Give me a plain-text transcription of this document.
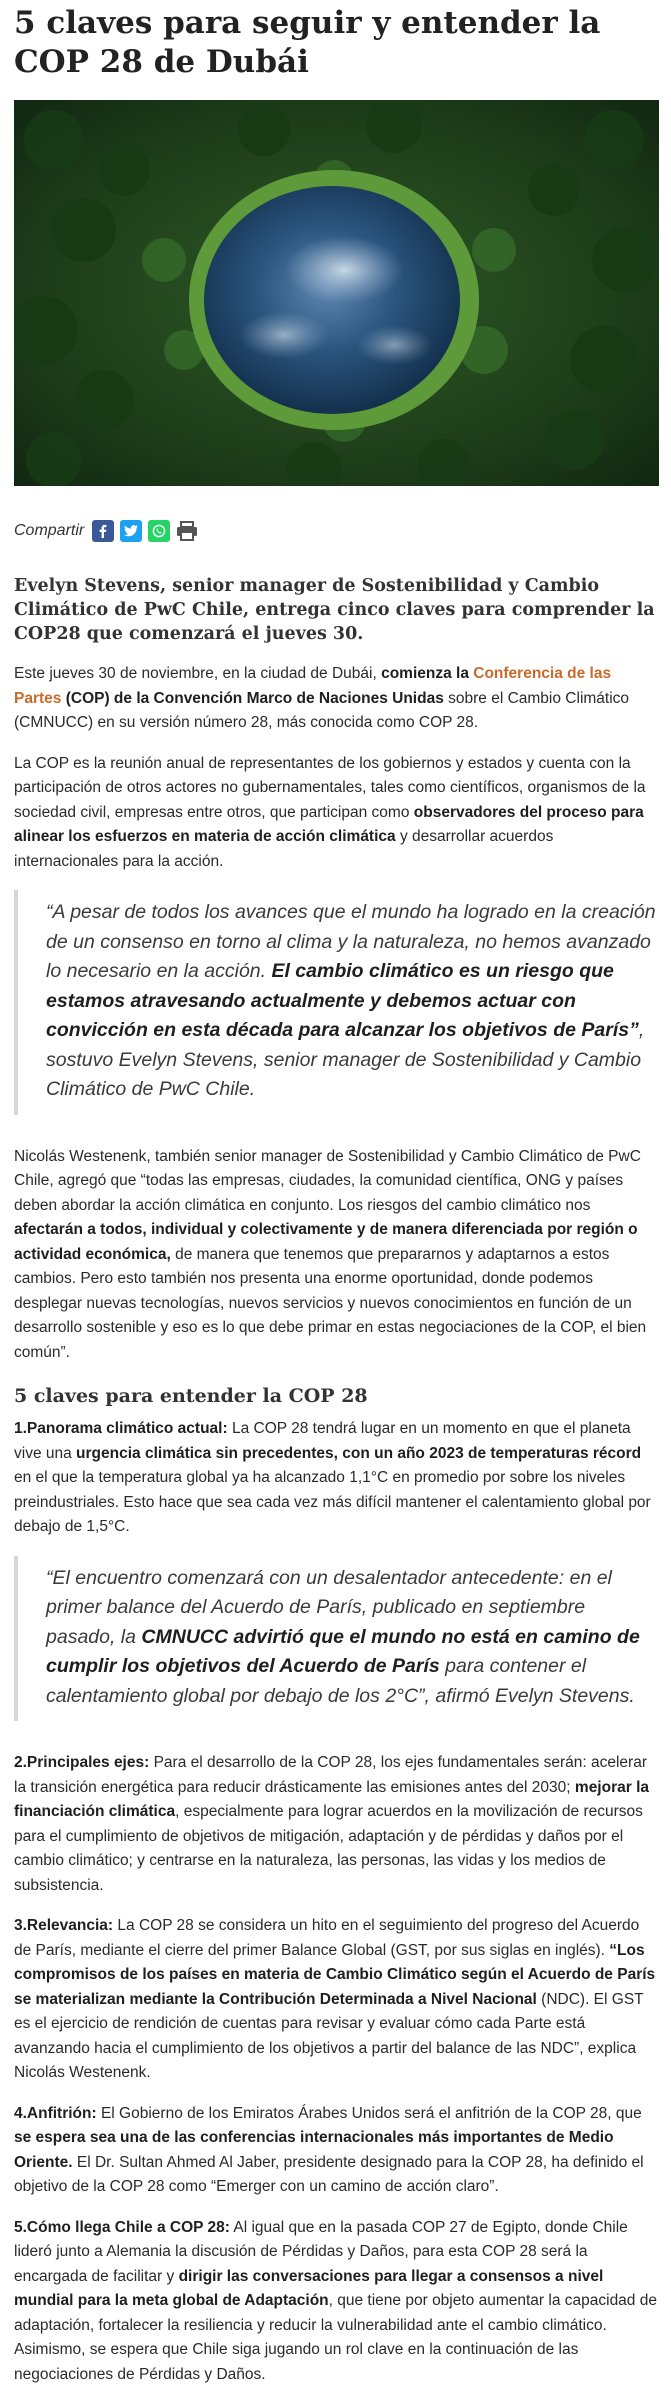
5 claves para seguir y entender la COP 28 de Dubái
Compartir

Evelyn Stevens, senior manager de Sostenibilidad y Cambio Climático de PwC Chile, entrega cinco claves para comprender la COP28 que comenzará el jueves 30.

Este jueves 30 de noviembre, en la ciudad de Dubái, comienza la Conferencia de las Partes (COP) de la Convención Marco de Naciones Unidas sobre el Cambio Climático (CMNUCC) en su versión número 28, más conocida como COP 28.

La COP es la reunión anual de representantes de los gobiernos y estados y cuenta con la participación de otros actores no gubernamentales, tales como científicos, organismos de la sociedad civil, empresas entre otros, que participan como observadores del proceso para alinear los esfuerzos en materia de acción climática y desarrollar acuerdos internacionales para la acción.

“A pesar de todos los avances que el mundo ha logrado en la creación de un consenso en torno al clima y la naturaleza, no hemos avanzado lo necesario en la acción. El cambio climático es un riesgo que estamos atravesando actualmente y debemos actuar con convicción en esta década para alcanzar los objetivos de París”, sostuvo Evelyn Stevens, senior manager de Sostenibilidad y Cambio Climático de PwC Chile.

Nicolás Westenenk, también senior manager de Sostenibilidad y Cambio Climático de PwC Chile, agregó que “todas las empresas, ciudades, la comunidad científica, ONG y países deben abordar la acción climática en conjunto. Los riesgos del cambio climático nos afectarán a todos, individual y colectivamente y de manera diferenciada por región o actividad económica, de manera que tenemos que prepararnos y adaptarnos a estos cambios. Pero esto también nos presenta una enorme oportunidad, donde podemos desplegar nuevas tecnologías, nuevos servicios y nuevos conocimientos en función de un desarrollo sostenible y eso es lo que debe primar en estas negociaciones de la COP, el bien común”.

5 claves para entender la COP 28

1.Panorama climático actual: La COP 28 tendrá lugar en un momento en que el planeta vive una urgencia climática sin precedentes, con un año 2023 de temperaturas récord en el que la temperatura global ya ha alcanzado 1,1°C en promedio por sobre los niveles preindustriales. Esto hace que sea cada vez más difícil mantener el calentamiento global por debajo de 1,5°C.

“El encuentro comenzará con un desalentador antecedente: en el primer balance del Acuerdo de París, publicado en septiembre pasado, la CMNUCC advirtió que el mundo no está en camino de cumplir los objetivos del Acuerdo de París para contener el calentamiento global por debajo de los 2°C”, afirmó Evelyn Stevens.

2.Principales ejes: Para el desarrollo de la COP 28, los ejes fundamentales serán: acelerar la transición energética para reducir drásticamente las emisiones antes del 2030; mejorar la financiación climática, especialmente para lograr acuerdos en la movilización de recursos para el cumplimiento de objetivos de mitigación, adaptación y de pérdidas y daños por el cambio climático; y centrarse en la naturaleza, las personas, las vidas y los medios de subsistencia.

3.Relevancia: La COP 28 se considera un hito en el seguimiento del progreso del Acuerdo de París, mediante el cierre del primer Balance Global (GST, por sus siglas en inglés). “Los compromisos de los países en materia de Cambio Climático según el Acuerdo de París se materializan mediante la Contribución Determinada a Nivel Nacional (NDC). El GST es el ejercicio de rendición de cuentas para revisar y evaluar cómo cada Parte está avanzando hacia el cumplimiento de los objetivos a partir del balance de las NDC”, explica Nicolás Westenenk.

4.Anfitrión: El Gobierno de los Emiratos Árabes Unidos será el anfitrión de la COP 28, que se espera sea una de las conferencias internacionales más importantes de Medio Oriente. El Dr. Sultan Ahmed Al Jaber, presidente designado para la COP 28, ha definido el objetivo de la COP 28 como “Emerger con un camino de acción claro”.

5.Cómo llega Chile a COP 28: Al igual que en la pasada COP 27 de Egipto, donde Chile lideró junto a Alemania la discusión de Pérdidas y Daños, para esta COP 28 será la encargada de facilitar y dirigir las conversaciones para llegar a consensos a nivel mundial para la meta global de Adaptación, que tiene por objeto aumentar la capacidad de adaptación, fortalecer la resiliencia y reducir la vulnerabilidad ante el cambio climático. Asimismo, se espera que Chile siga jugando un rol clave en la continuación de las negociaciones de Pérdidas y Daños.
